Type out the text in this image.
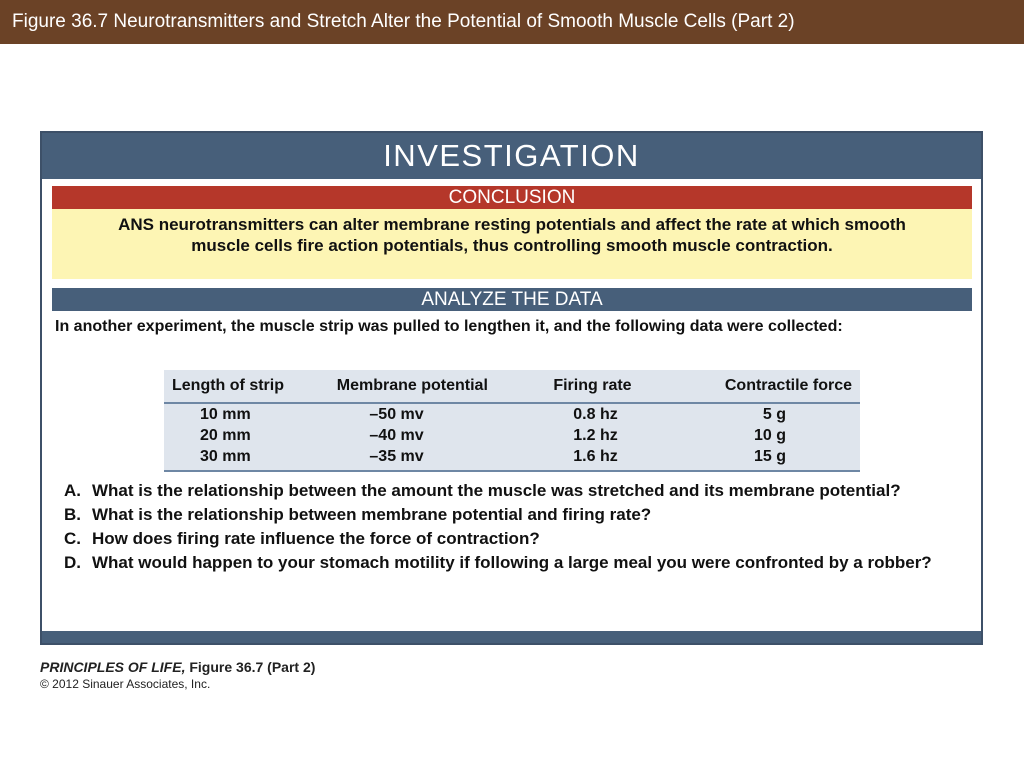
Figure 36.7 Neurotransmitters and Stretch Alter the Potential of Smooth Muscle Cells (Part 2)
INVESTIGATION
CONCLUSION
ANS neurotransmitters can alter membrane resting potentials and affect the rate at which smooth muscle cells fire action potentials, thus controlling smooth muscle contraction.
ANALYZE THE DATA
In another experiment, the muscle strip was pulled to lengthen it, and the following data were collected:
Length of strip	Membrane potential	Firing rate	Contractile force
10 mm	–50 mv	0.8 hz	5 g
20 mm	–40 mv	1.2 hz	10 g
30 mm	–35 mv	1.6 hz	15 g
A. What is the relationship between the amount the muscle was stretched and its membrane potential?
B. What is the relationship between membrane potential and firing rate?
C. How does firing rate influence the force of contraction?
D. What would happen to your stomach motility if following a large meal you were confronted by a robber?
PRINCIPLES OF LIFE, Figure 36.7 (Part 2)
© 2012 Sinauer Associates, Inc.
